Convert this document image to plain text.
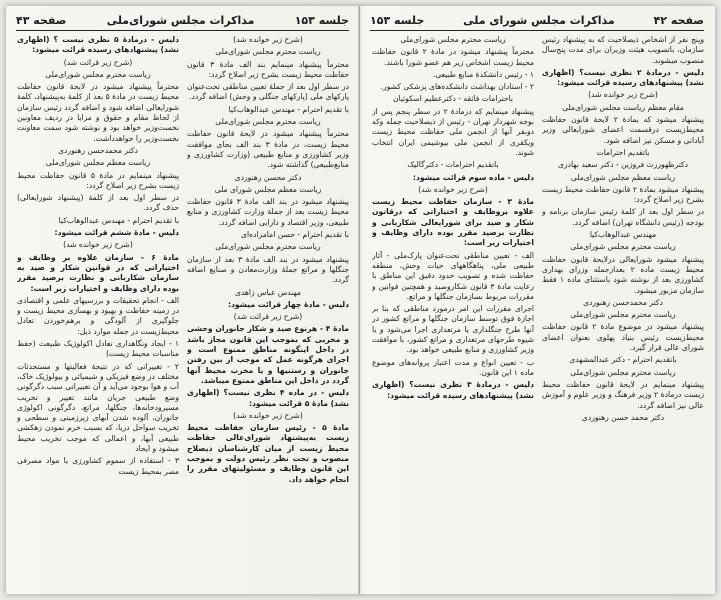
جلسه ۱۵۳
مذاکرات مجلس شورای‌ملی
صفحه ۴۳

(شرح زیر خوانده شد)

ریاست محترم مجلس شورای‌ملی

محترماً پیشنهاد مینمایم بند الف مادهٔ ۳ قانون حفاظت محیط زیست بشرح زیر اصلاح گردد:

در سطر اول بعد از جملهٔ تعیین مناطقی تحت‌عنوان پارکهای ملی (پارکهای جنگلی و وحش) اضافه گردد.

با تقدیم احترام - مهندس عبدالوهاب‌کیا

ریاست محترم مجلس شورای‌ملی

محترماً پیشنهاد میشود در لایحهٔ قانون حفاظت محیط زیست، در مادهٔ ۳ بند الف بجای موافقت وزیر کشاورزی و منابع طبیعی (وزارت کشاورزی و منابع‌طبیعی) گذاشته شود.

دکتر محسن رهنوردی

ریاست معظم مجلس شورای ملی

پیشنهاد میشود در بند الف مادهٔ ۳ قانون حفاظت محیط زیست بعد از جملهٔ وزارت کشاورزی و منابع طبیعی، وزیر اقتصاد و دارایی اضافه گردد.

با تقدیم احترام - حسن امامزاده‌ای

ریاست محترم مجلس شورای‌ملی

پیشنهاد میشود در بند الف مادهٔ ۳ بعد از سازمان جنگلها و مراتع جملهٔ وزارت‌معادن و صنایع اضافه گردد.

مهندس عباس زاهدی

دلیس - مادهٔ چهار قرائت میشود:

(شرح زیر قرائت شد)

مادهٔ ۴ - هرنوع صید و شکار جانوران وحشی و مخربی که بموجب این قانون مجاز باشد در داخل اینگونه مناطق ممنوع است و اجرای هرگونه عمل که موجب از بین رفتن جانوران و رستنیها و یا مخرب محیط آنها گردد در داخل این مناطق ممنوع میباشد.

دلیس - در ماده ۴ نظری نیست؟ (اظهاری نشد) مادهٔ ۵ قرائت میشود:

(شرح زیر خوانده شد)

مادهٔ ۵ - رئیس سازمان حفاظت محیط زیست به‌پیشنهاد شورای‌عالی حفاظت محیط زیست از میان کارشناسان ذیصلاح منصوب و تحت نظر رئیس دولت و بموجب این قانون وظایف و مسئولیتهای مقرر را انجام خواهد داد.

دلیس - درمادهٔ ۵ نظری نیست ؟ (اظهاری نشد) پیشنهادهای رسیده قرائت میشود:

(شرح زیر قرائت شد)

ریاست محترم مجلس شورای‌ملی

محترماً پیشنهاد میشود در لایحهٔ قانون حفاظت محیط زیست در مادهٔ ۵ بعد از کلمهٔ به‌پیشنهاد، کلمهٔ شورایعالی اضافه شود و اضافه گردد رئیس سازمان از لحاظ مقام و حقوق و مزایا در ردیف معاونین نخست‌وزیر خواهد بود و نوشته شود سمت معاونت نخست‌وزیر را خواهدداشت.

دکتر محمدحسن رهنوردی

ریاست معظم مجلس شورای‌ملی

پیشنهاد مینمایم در مادهٔ ۵ قانون حفاظت محیط زیست بشرح زیر اصلاح گردد:

در سطر اول بعد از کلمهٔ (پیشنهاد شورایعالی) حذف گردد.

با تقدیم احترام - مهندس عبدالوهاب‌کیا

دلیس - مادهٔ ششم قرائت میشود:

(شرح زیر خوانده شد)

مادهٔ ۶ - سازمان علاوه بر وظایف و اختیاراتی که در قوانین شکار و صید به سازمان شکاربانی و نظارت برصید مقرر بوده دارای وظایف و اختیارات زیر است:

الف - انجام تحقیقات و بررسیهای علمی و اقتصادی در زمینه حفاظت و بهبود و بهسازی محیط زیست و جلوگیری از آلودگی و برهم‌خوردن تعادل محیط‌زیست در جمله موارد ذیل:

۱ - ایجاد ونگاهداری تعادل اکولوژیک طبیعت (حفظ مناسبات محیط زیست)

۲ - تغییراتی که در نتیجهٔ فعالیتها و مستحدثات مختلف در وضع فیزیکی و شیمیائی و بیولوژیک خاک، آب و هوا بوجود می‌آید و آن تغییراتی سبب دگرگونی وضع طبیعی جریان مانند تغییر و تخریب مسیرودخانه‌ها، جنگلها، مراتع، دگرگونی اکولوژی جانوران، آلوده شدن آبهای زیرزمینی و سطحی و تخریب سواحل دریا، که بسبب خرم نمودن زهکشی طبیعی آبها، و اعمالی که موجب تخریب محیط میشود و ایجاد

۳ - استفاده از سموم کشاورزی یا مواد مصرفی مضر بمحیط زیست

صفحه ۴۲
مذاکرات مجلس شورای ملی
جلسه ۱۵۳

وپنج نفر از اشخاص ذیصلاحیت که به پیشنهاد رئیس سازمان، باتصویب هیئت وزیران برای مدت پنج‌سال منصوب میشوند.

دلیس - درمادهٔ ۲ نظری نیست؟ (اظهاری نشد) پیشنهادهای رسیده قرائت میشود:

(شرح زیر خوانده شد)

مقام معظم ریاست مجلس شورای‌ملی

پیشنهاد میشود که بمادهٔ ۲ لایحهٔ قانون حفاظت محیط‌زیست درقسمت اعضای شورایعالی وزیر آبادانی و مسکن نیز اضافه شود.

باتقدیم احترامات

دکترظهوررث فروزین - دکتر سعید بهادری

ریاست معظم مجلس شورای‌ملی

پیشنهاد میشود بمادهٔ ۲ قانون حفاظت محیط زیست بشرح زیر اصلاح گردد:

در سطر اول بعد از کلمهٔ رئیس سازمان برنامه و بودجه (رئیس دانشگاه تهران) اضافه گردد.

مهندس عبدالوهاب‌کیا

ریاست محترم مجلس شورای‌ملی

پیشنهاد میشود شورایعالی درلایحهٔ قانون حفاظت محیط زیست ماده ۲ بعدازجمله وزرای بهداری کشاورزی بعد از نوشته شود باستثنای ماده ۱ فقط سازمان مزبور میشود.

دکتر محمدحسن رهنوردی

ریاست محترم مجلس شورای‌ملی

پیشنهاد میشود در موضوع مادهٔ ۲ قانون حفاظت محیط‌زیست رئیس بنیاد پهلوی بعنوان اعضای شورای عالی قرار گیرد.

باتقدیم احترام - دکتر عبدالمشهدی

ریاست محترم مجلس شورای‌ملی

پیشنهاد مینمایم در لایحهٔ قانون حفاظت محیط زیست درمادهٔ ۲ وزیر فرهنگ و وزیر علوم و آموزش عالی نیز اضافه گردد.

دکتر محمد حسن رهنوردی

ریاست محترم مجلس شورای‌ملی

محترماً پیشنهاد میشود در مادهٔ ۲ قانون حفاظت محیط زیست اشخاص زیر هم عضو شورا باشند.

۱ - رئیس دانشکدهٔ منابع طبیعی.

۲ - استادان بهداشت دانشکده‌های پزشکی کشور.

باحترامات فائقه - دکترعظیم اسکوئیان

پیشنهاد مینمایم که درمادهٔ ۲ در سطر پنجم پس از بوجه شهردار تهران - رئیس از ذیصلاحیت جمله وکه دوبفر آنها از انجمن ملی حفاظت محیط زیست ویکفری از انجمن ملی بیوشیمی ایران انتخاب شوند.

باتقدیم احترامات - دکترگالیک

دلیس - ماده سوم قرائت میشود:

(شرح زیر خوانده شد)

مادهٔ ۳ - سازمان حفاظت محیط زیست علاوه بروظایف و اختیاراتی که درقانون شکار و صید برای شورایعالی شکاربانی و نظارت برصید مقرر بوده دارای وظایف و اختیارات زیر است:

الف - تعیین مناطقی تحت‌عنوان پارک‌ملی - آثار طبیعی ملی، پناهگاههای حیات وحش، منطقه حفاظت شده و تصویب حدود دقیق این مناطق با رعایت مادهٔ ۳ قانون شکاروصید و همچنین قوانین و مقررات مربوط بسازمان جنگلها و مراتع.

اجرای مقررات این امر درمورد مناطقی که بنا بر اجازهٔ فوق توسط سازمان جنگلها و مراتع کشور در آنها طرح جنگلداری یا مرتعداری اجرا می‌شود و یا شیوه طرحهای مرتعداری و مراتع کشور، با موافقت وزیر کشاورزی و منابع طبیعی خواهد بود.

ب - تعیین انواع و مدت اعتبار پروانه‌های موضوع ماده ۱ این قانون.

دلیس - درمادهٔ ۳ نظری نیست؟ (اظهاری نشد) پیشنهادهای رسیده قرائت میشود:
